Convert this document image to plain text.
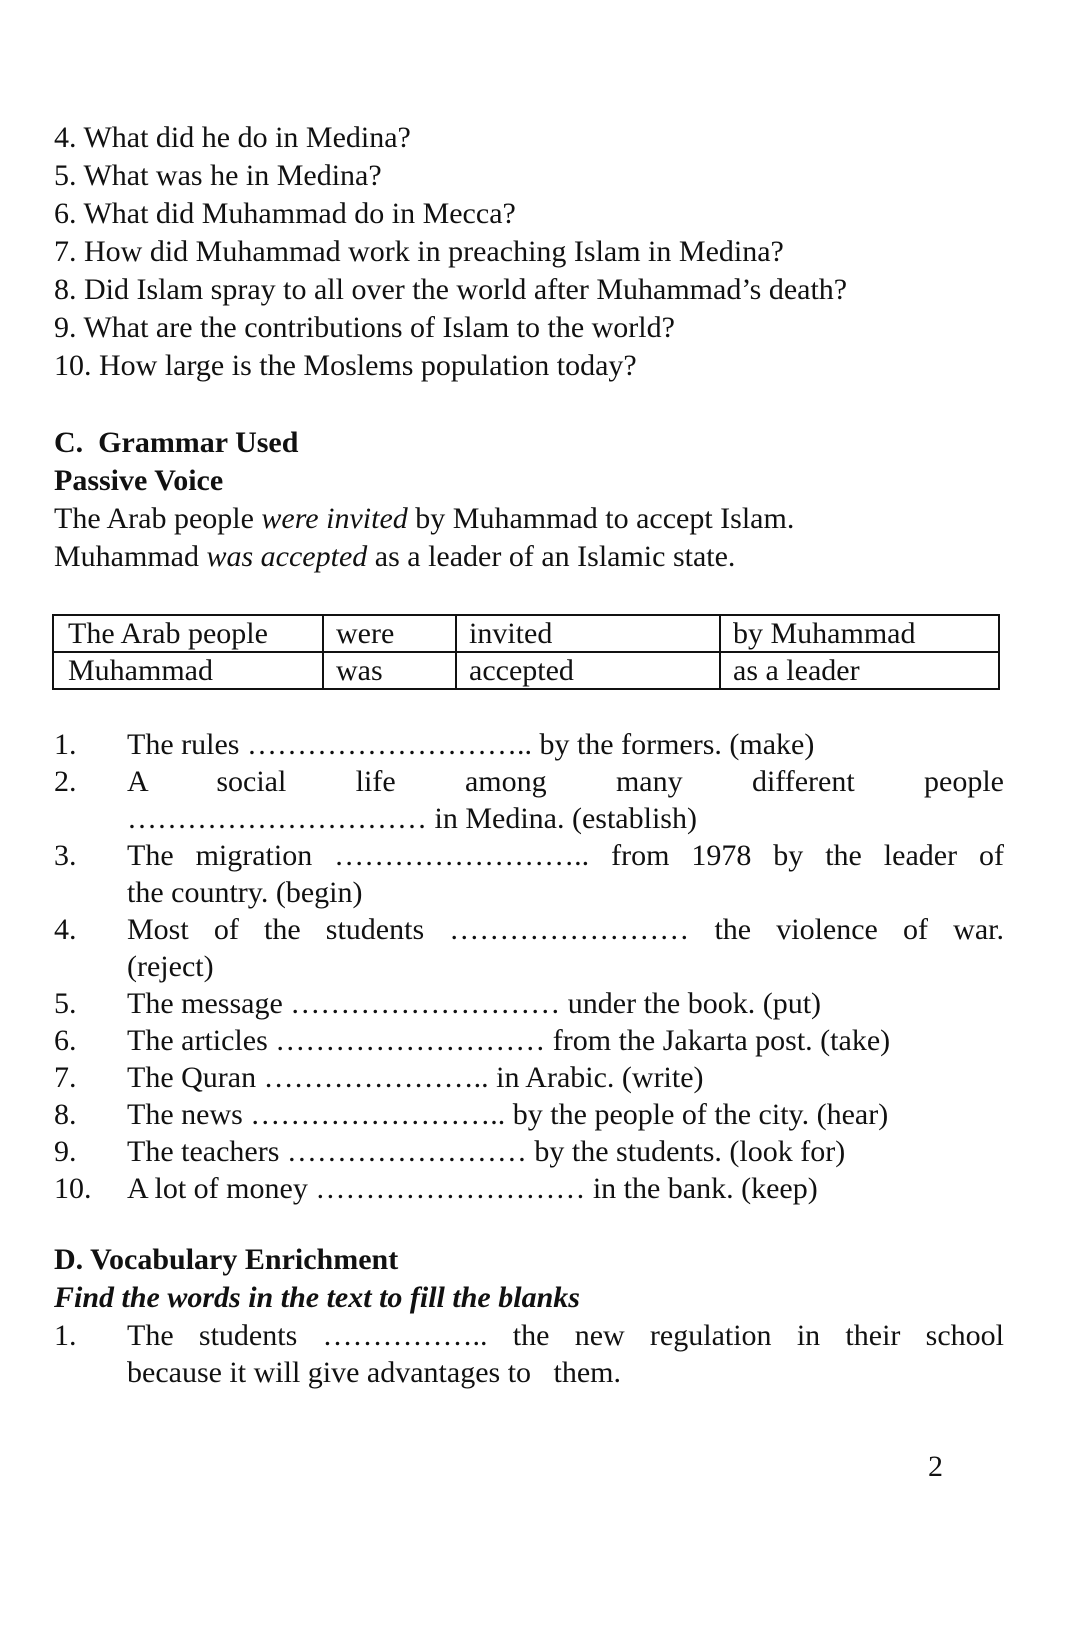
4. What did he do in Medina?
5. What was he in Medina?
6. What did Muhammad do in Mecca?
7. How did Muhammad work in preaching Islam in Medina?
8. Did Islam spray to all over the world after Muhammad’s death?
9. What are the contributions of Islam to the world?
10. How large is the Moslems population today?
C.  Grammar Used
Passive Voice
The Arab people were invited by Muhammad to accept Islam.
Muhammad was accepted as a leader of an Islamic state.
The Arab people	were	invited	by Muhammad
Muhammad	was	accepted	as a leader
1. The rules ……………………….. by the formers. (make)
2. A social life among many different people
………………………… in Medina. (establish)
3. The migration …………………….. from 1978 by the leader of
the country. (begin)
4. Most of the students …………………… the violence of war.
(reject)
5. The message ……………………… under the book. (put)
6. The articles ……………………… from the Jakarta post. (take)
7. The Quran ………………….. in Arabic. (write)
8. The news …………………….. by the people of the city. (hear)
9. The teachers …………………… by the students. (look for)
10. A lot of money ……………………… in the bank. (keep)
D. Vocabulary Enrichment
Find the words in the text to fill the blanks
1. The students …………….. the new regulation in their school
because it will give advantages to   them.
2
